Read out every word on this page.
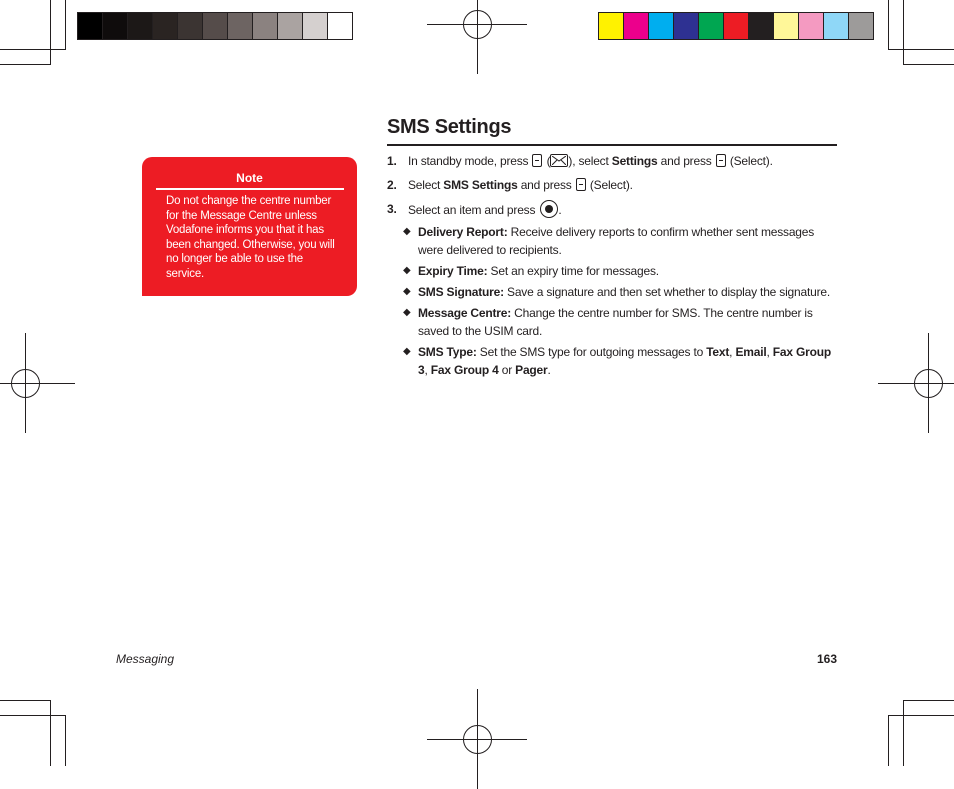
Note
Do not change the centre number for the Message Centre unless Vodafone informs you that it has been changed. Otherwise, you will no longer be able to use the service.
SMS Settings
1. In standby mode, press  ( ), select Settings and press  (Select).
2. Select SMS Settings and press  (Select).
3. Select an item and press .
◆ Delivery Report: Receive delivery reports to confirm whether sent messages were delivered to recipients.
◆ Expiry Time: Set an expiry time for messages.
◆ SMS Signature: Save a signature and then set whether to display the signature.
◆ Message Centre: Change the centre number for SMS. The centre number is saved to the USIM card.
◆ SMS Type: Set the SMS type for outgoing messages to Text, Email, Fax Group 3, Fax Group 4 or Pager.
Messaging	163
